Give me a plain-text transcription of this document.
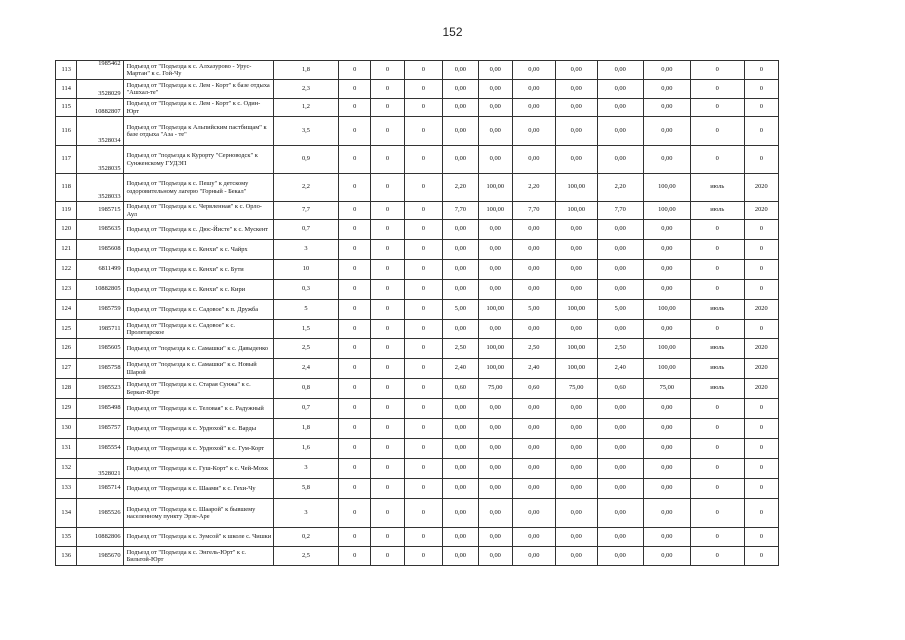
152
113	1985462	Подъезд от "Подъезда к с. Алхазурово - Урус-Мартан" к с. Гой-Чу	1,8	0	0	0	0,00	0,00	0,00	0,00	0,00	0,00	0	0
114	3528029	Подъезд от "Подъезда к с. Лем - Корт" к базе отдыха "Ашхал-те"	2,3	0	0	0	0,00	0,00	0,00	0,00	0,00	0,00	0	0
115	10882807	Подъезд от "Подъезда к с. Лем - Корт" к с. Один-Юрт	1,2	0	0	0	0,00	0,00	0,00	0,00	0,00	0,00	0	0
116	3528034	Подъезд от "Подъезда к Альпийским пастбищам" к базе отдыха "Аза - те"	3,5	0	0	0	0,00	0,00	0,00	0,00	0,00	0,00	0	0
117	3528035	Подъезд от "подъезда к Курорту "Серноводск" к Сунженскому ГУДЭП	0,9	0	0	0	0,00	0,00	0,00	0,00	0,00	0,00	0	0
118	3528033	Подъезд от "Подъезда к с. Пешу" к детскому оздоровительному лагерю "Горный - Бекал"	2,2	0	0	0	2,20	100,00	2,20	100,00	2,20	100,00	июль	2020
119	1985715	Подъезд от "Подъезда к с. Червленная" к с. Орло-Аул	7,7	0	0	0	7,70	100,00	7,70	100,00	7,70	100,00	июль	2020
120	1985635	Подъезд от "Подъезда к с. Дюс-Йисте" к с. Мускент	0,7	0	0	0	0,00	0,00	0,00	0,00	0,00	0,00	0	0
121	1985608	Подъезд от "Подъезда к с. Кенхи" к с. Чайрх	3	0	0	0	0,00	0,00	0,00	0,00	0,00	0,00	0	0
122	6811499	Подъезд от "Подъезда к с. Кенхи" к с. Бути	10	0	0	0	0,00	0,00	0,00	0,00	0,00	0,00	0	0
123	10882805	Подъезд от "Подъезда к с. Кенхи" к с. Кири	0,3	0	0	0	0,00	0,00	0,00	0,00	0,00	0,00	0	0
124	1985759	Подъезд от "Подъезда к с. Садовое" к п. Дружба	5	0	0	0	5,00	100,00	5,00	100,00	5,00	100,00	июль	2020
125	1985711	Подъезд от "Подъезда к с. Садовое" к с. Пролетарское	1,5	0	0	0	0,00	0,00	0,00	0,00	0,00	0,00	0	0
126	1985605	Подъезд от "подъезда к с. Самашки" к с. Давыденко	2,5	0	0	0	2,50	100,00	2,50	100,00	2,50	100,00	июль	2020
127	1985758	Подъезд от "подъезда к с. Самашки" к с. Новый Шарой	2,4	0	0	0	2,40	100,00	2,40	100,00	2,40	100,00	июль	2020
128	1985523	Подъезд от "Подъезда к с. Старая Сунжа" к с. Беркат-Юрт	0,8	0	0	0	0,60	75,00	0,60	75,00	0,60	75,00	июль	2020
129	1985498	Подъезд от "Подъезда к с. Теловая" к с. Радужный	0,7	0	0	0	0,00	0,00	0,00	0,00	0,00	0,00	0	0
130	1985757	Подъезд от "Подъезда к с. Урдюхой" к с. Варды	1,8	0	0	0	0,00	0,00	0,00	0,00	0,00	0,00	0	0
131	1985554	Подъезд от "Подъезда к с. Урдюхой" к с. Гум-Корт	1,6	0	0	0	0,00	0,00	0,00	0,00	0,00	0,00	0	0
132	3528021	Подъезд от "Подъезда к с. Гуш-Корт" к с. Чей-Мохк	3	0	0	0	0,00	0,00	0,00	0,00	0,00	0,00	0	0
133	1985714	Подъезд от "Подъезда к с. Шаами" к с. Гехи-Чу	5,8	0	0	0	0,00	0,00	0,00	0,00	0,00	0,00	0	0
134	1985526	Подъезд от "Подъезда к с. Шаарой" к бывшему населенному пункту Эрзе-Аре	3	0	0	0	0,00	0,00	0,00	0,00	0,00	0,00	0	0
135	10882806	Подъезд от "Подъезда к с. Зумсой" к школе с. Чишки	0,2	0	0	0	0,00	0,00	0,00	0,00	0,00	0,00	0	0
136	1985670	Подъезд от "Подъезда к с. Энгель-Юрт" к с. Бильтой-Юрт	2,5	0	0	0	0,00	0,00	0,00	0,00	0,00	0,00	0	0
